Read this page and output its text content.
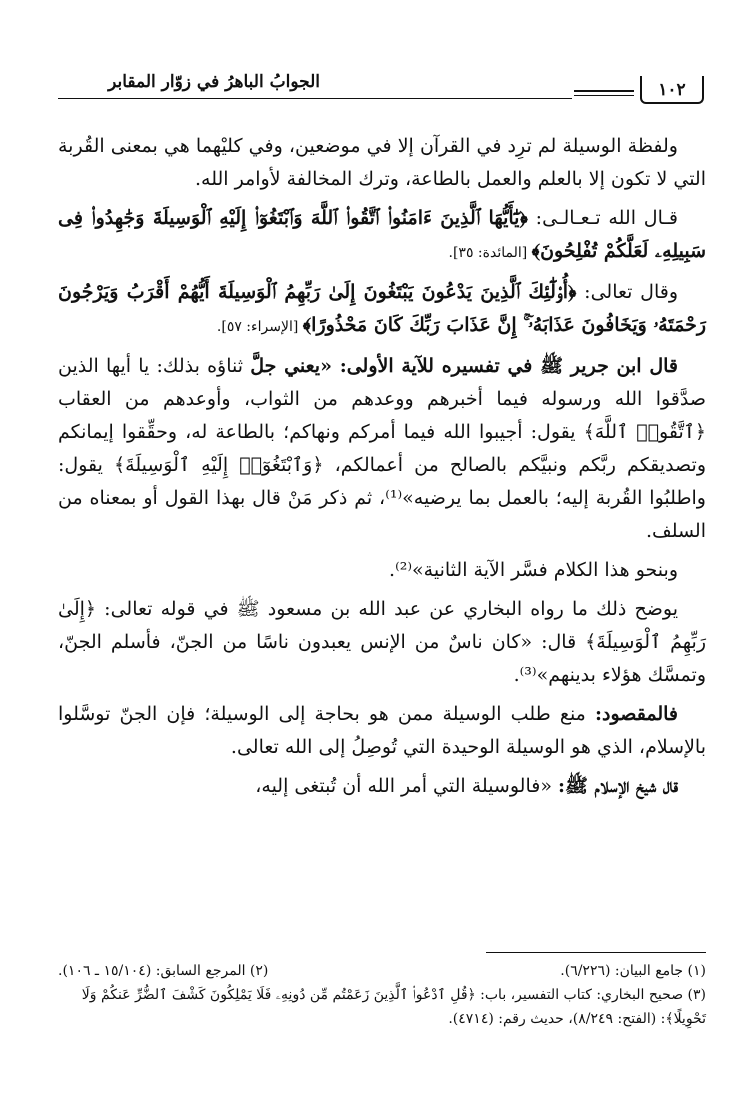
الجوابُ الباهرُ في زوّار المقابر	١٠٢

ولفظة الوسيلة لم ترِد في القرآن إلا في موضعين، وفي كليْهما هي بمعنى القُربة التي لا تكون إلا بالعلم والعمل بالطاعة، وترك المخالفة لأوامر الله.

قـال الله تـعـالـى: ﴿يَٰٓأَيُّهَا ٱلَّذِينَ ءَامَنُوا۟ ٱتَّقُوا۟ ٱللَّهَ وَٱبْتَغُوٓا۟ إِلَيْهِ ٱلْوَسِيلَةَ وَجَٰهِدُوا۟ فِى سَبِيلِهِۦ لَعَلَّكُمْ تُفْلِحُونَ﴾ [المائدة: ٣٥].

وقال تعالى: ﴿أُو۟لَٰٓئِكَ ٱلَّذِينَ يَدْعُونَ يَبْتَغُونَ إِلَىٰ رَبِّهِمُ ٱلْوَسِيلَةَ أَيُّهُمْ أَقْرَبُ وَيَرْجُونَ رَحْمَتَهُۥ وَيَخَافُونَ عَذَابَهُۥٓ ۚ إِنَّ عَذَابَ رَبِّكَ كَانَ مَحْذُورًا﴾ [الإسراء: ٥٧].

قال ابن جرير ﷺ في تفسيره للآية الأولى: «يعني جلَّ ثناؤه بذلك: يا أيها الذين صدَّقوا الله ورسوله فيما أخبرهم ووعدهم من الثواب، وأوعدهم من العقاب ﴿ٱتَّقُوا۟ ٱللَّهَ﴾ يقول: أجيبوا الله فيما أمركم ونهاكم؛ بالطاعة له، وحقِّقوا إيمانكم وتصديقكم ربَّكم ونبيَّكم بالصالح من أعمالكم، ﴿وَٱبْتَغُوٓا۟ إِلَيْهِ ٱلْوَسِيلَةَ﴾ يقول: واطلبُوا القُربة إليه؛ بالعمل بما يرضيه»⁽¹⁾، ثم ذكر مَنْ قال بهذا القول أو بمعناه من السلف.

وبنحو هذا الكلام فسَّر الآية الثانية»⁽²⁾.

يوضح ذلك ما رواه البخاري عن عبد الله بن مسعود ﷺ في قوله تعالى: ﴿إِلَىٰ رَبِّهِمُ ٱلْوَسِيلَةَ﴾ قال: «كان ناسٌ من الإنس يعبدون ناسًا من الجنّ، فأسلم الجنّ، وتمسَّك هؤلاء بدينهم»⁽³⁾.

فالمقصود: منع طلب الوسيلة ممن هو بحاجة إلى الوسيلة؛ فإن الجنّ توسَّلوا بالإسلام، الذي هو الوسيلة الوحيدة التي تُوصِلُ إلى الله تعالى.

قال شيخ الإسلام ﷺ: «فالوسيلة التي أمر الله أن تُبتغى إليه،

(١) جامع البيان: (٦/٢٢٦).
(٢) المرجع السابق: (١٥/١٠٤ ـ ١٠٦).
(٣) صحيح البخاري: كتاب التفسير، باب: ﴿قُلِ ٱدْعُوا۟ ٱلَّذِينَ زَعَمْتُم مِّن دُونِهِۦ فَلَا يَمْلِكُونَ كَشْفَ ٱلضُّرِّ عَنكُمْ وَلَا تَحْوِيلًا﴾: (الفتح: ٨/٢٤٩)، حديث رقم: (٤٧١٤).
